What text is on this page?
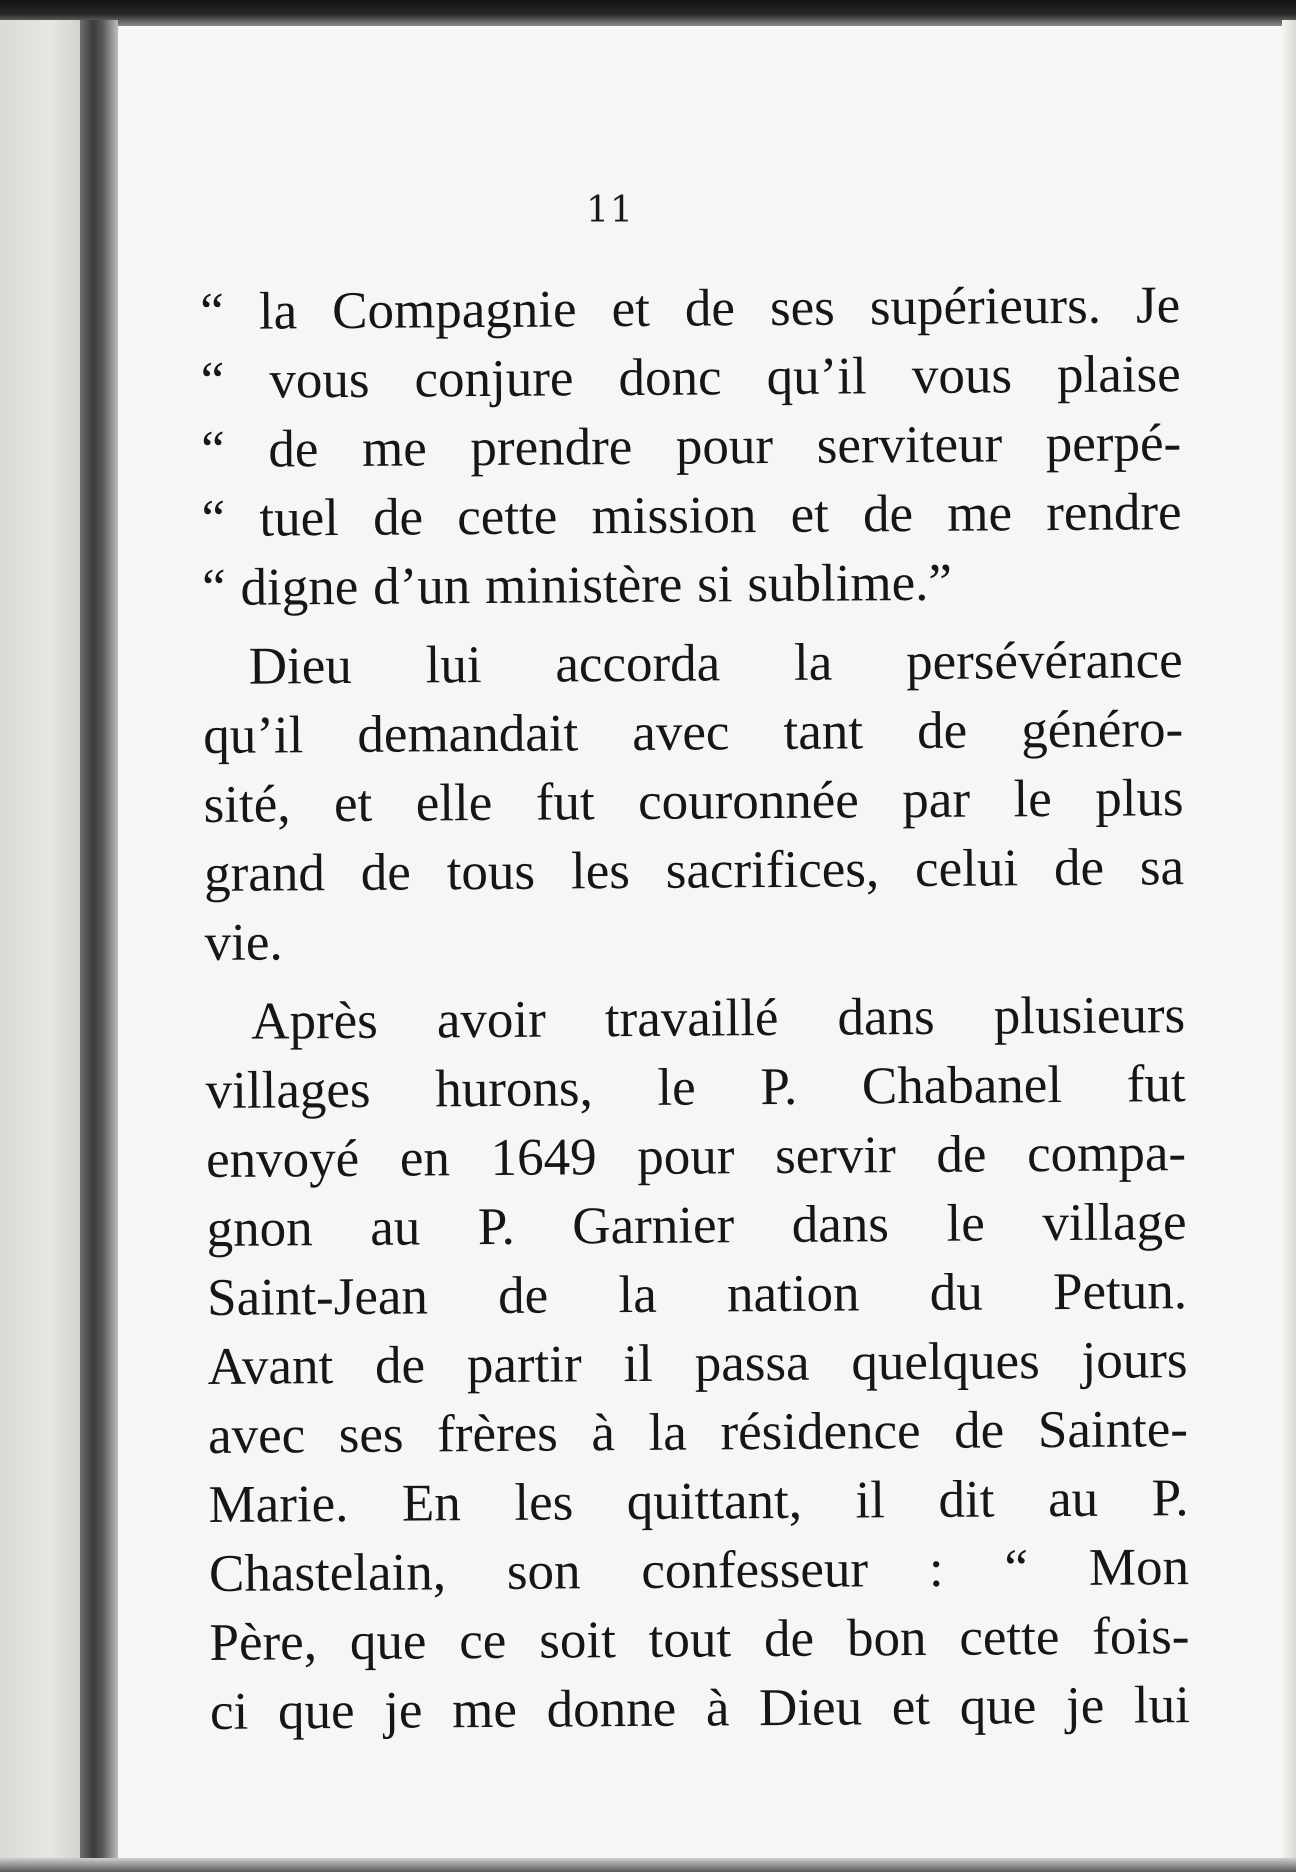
11
“ la Compagnie et de ses supérieurs. Je
“ vous conjure donc qu’il vous plaise
“ de me prendre pour serviteur perpé-
“ tuel de cette mission et de me rendre
“ digne d’un ministère si sublime.”
Dieu lui accorda la persévérance
qu’il demandait avec tant de généro-
sité, et elle fut couronnée par le plus
grand de tous les sacrifices, celui de sa
vie.
Après avoir travaillé dans plusieurs
villages hurons, le P. Chabanel fut
envoyé en 1649 pour servir de compa-
gnon au P. Garnier dans le village
Saint-Jean de la nation du Petun.
Avant de partir il passa quelques jours
avec ses frères à la résidence de Sainte-
Marie. En les quittant, il dit au P.
Chastelain, son confesseur : “ Mon
Père, que ce soit tout de bon cette fois-
ci que je me donne à Dieu et que je lui
